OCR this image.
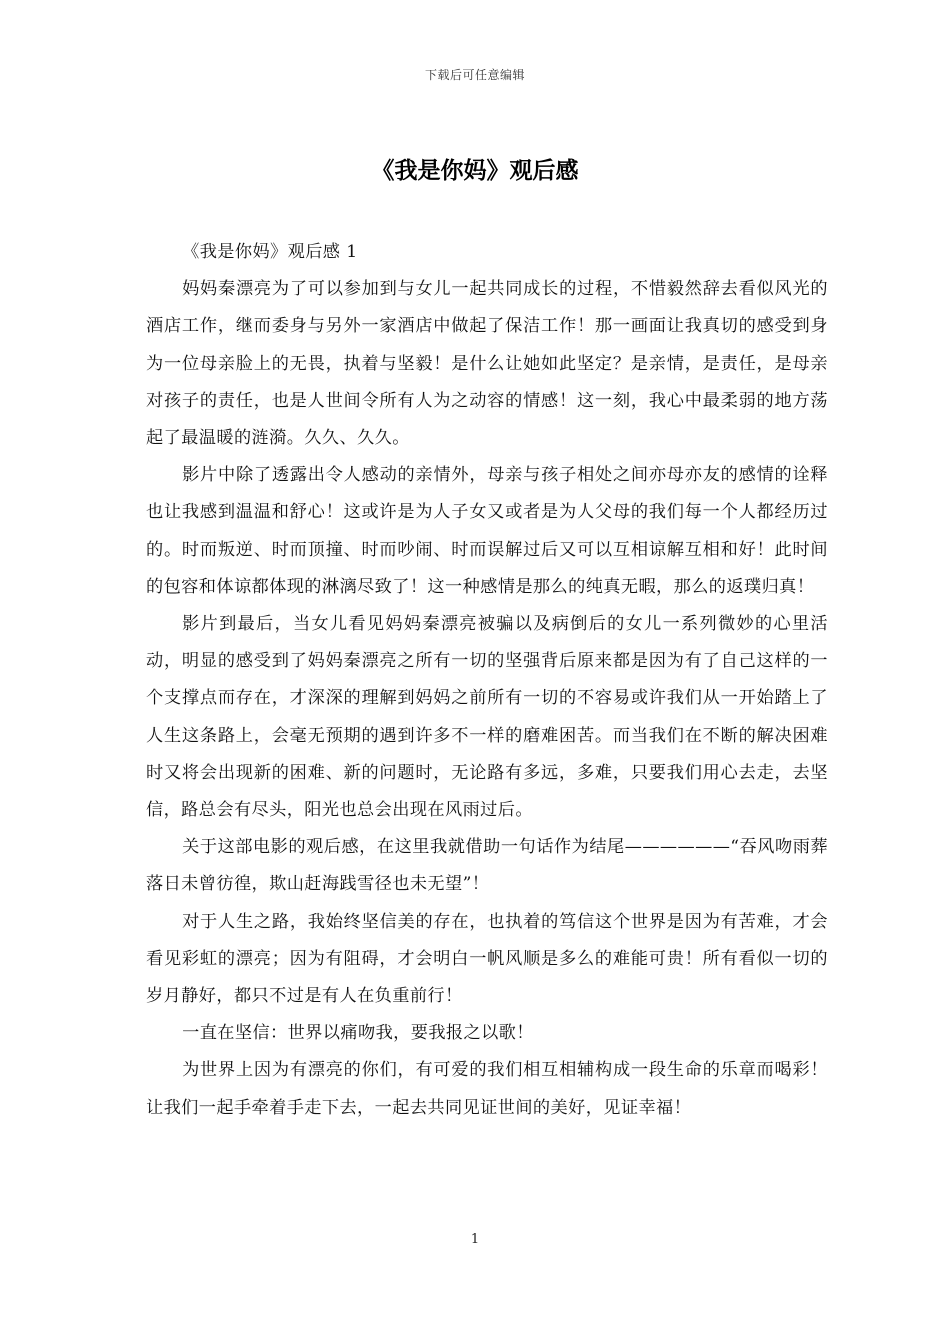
下载后可任意编辑
《我是你妈》观后感

《我是你妈》观后感 1

妈妈秦漂亮为了可以参加到与女儿一起共同成长的过程，不惜毅然辞去看似风光的酒店工作，继而委身与另外一家酒店中做起了保洁工作！那一画面让我真切的感受到身为一位母亲脸上的无畏，执着与坚毅！是什么让她如此坚定？是亲情，是责任，是母亲对孩子的责任，也是人世间令所有人为之动容的情感！这一刻，我心中最柔弱的地方荡起了最温暖的涟漪。久久、久久。

影片中除了透露出令人感动的亲情外，母亲与孩子相处之间亦母亦友的感情的诠释也让我感到温温和舒心！这或许是为人子女又或者是为人父母的我们每一个人都经历过的。时而叛逆、时而顶撞、时而吵闹、时而误解过后又可以互相谅解互相和好！此时间的包容和体谅都体现的淋漓尽致了！这一种感情是那么的纯真无暇，那么的返璞归真！

影片到最后，当女儿看见妈妈秦漂亮被骗以及病倒后的女儿一系列微妙的心里活动，明显的感受到了妈妈秦漂亮之所有一切的坚强背后原来都是因为有了自己这样的一个支撑点而存在，才深深的理解到妈妈之前所有一切的不容易或许我们从一开始踏上了人生这条路上，会毫无预期的遇到许多不一样的磨难困苦。而当我们在不断的解决困难时又将会出现新的困难、新的问题时，无论路有多远，多难，只要我们用心去走，去坚信，路总会有尽头，阳光也总会出现在风雨过后。

关于这部电影的观后感，在这里我就借助一句话作为结尾——————“吞风吻雨葬落日未曾彷徨，欺山赶海践雪径也未无望”！

对于人生之路，我始终坚信美的存在，也执着的笃信这个世界是因为有苦难，才会看见彩虹的漂亮；因为有阻碍，才会明白一帆风顺是多么的难能可贵！所有看似一切的岁月静好，都只不过是有人在负重前行！

一直在坚信：世界以痛吻我，要我报之以歌！

为世界上因为有漂亮的你们，有可爱的我们相互相辅构成一段生命的乐章而喝彩！让我们一起手牵着手走下去，一起去共同见证世间的美好，见证幸福！

1
